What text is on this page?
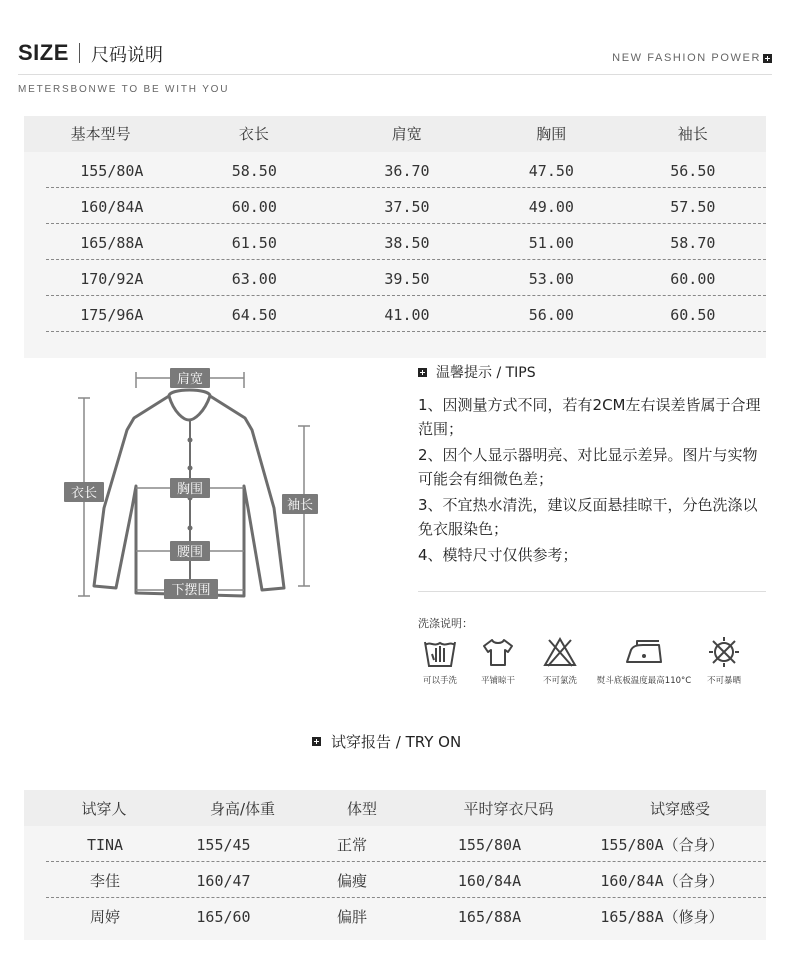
SIZE 尺码说明	NEW FASHION POWER
METERSBONWE TO BE WITH YOU
基本型号	衣长	肩宽	胸围	袖长
155/80A	58.50	36.70	47.50	56.50
160/84A	60.00	37.50	49.00	57.50
165/88A	61.50	38.50	51.00	58.70
170/92A	63.00	39.50	53.00	60.00
175/96A	64.50	41.00	56.00	60.50
肩宽
衣长	胸围
袖长
腰围
下摆围
温馨提示 / TIPS
1、因测量方式不同，若有2CM左右误差皆属于合理范围；
2、因个人显示器明亮、对比显示差异。图片与实物可能会有细微色差；
3、不宜热水清洗，建议反面悬挂晾干，分色洗涤以免衣服染色；
4、模特尺寸仅供参考；
洗涤说明：
可以手洗	平铺晾干	不可氯洗	熨斗底板温度最高110°C	不可暴晒
试穿报告 / TRY ON
试穿人	身高/体重	体型	平时穿衣尺码	试穿感受
TINA	155/45	正常	155/80A	155/80A（合身）
李佳	160/47	偏瘦	160/84A	160/84A（合身）
周婷	165/60	偏胖	165/88A	165/88A（修身）
